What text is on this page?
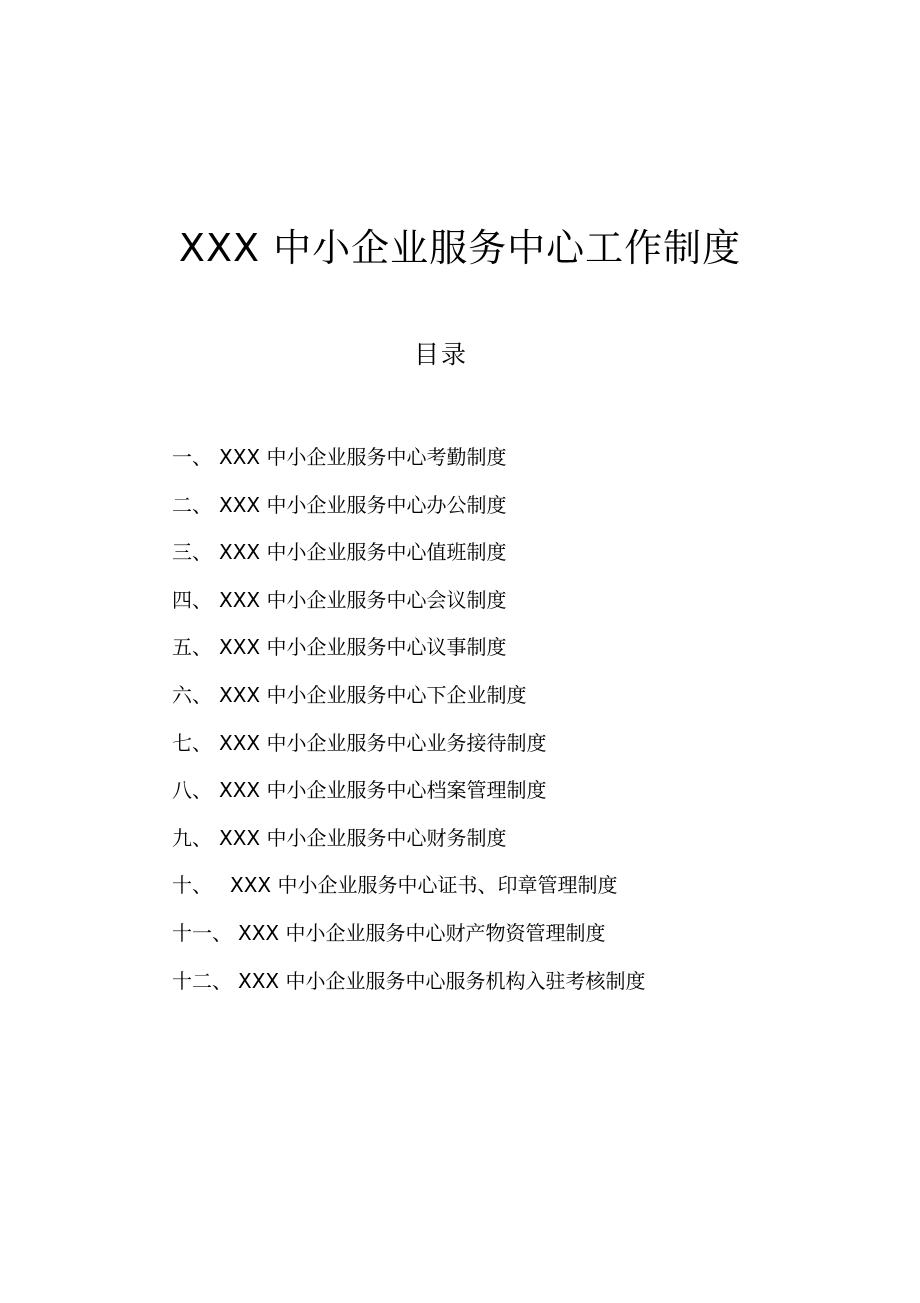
XXX 中小企业服务中心工作制度
目录
一、 XXX 中小企业服务中心考勤制度
二、 XXX 中小企业服务中心办公制度
三、 XXX 中小企业服务中心值班制度
四、 XXX 中小企业服务中心会议制度
五、 XXX 中小企业服务中心议事制度
六、 XXX 中小企业服务中心下企业制度
七、 XXX 中小企业服务中心业务接待制度
八、 XXX 中小企业服务中心档案管理制度
九、 XXX 中小企业服务中心财务制度
十、 XXX 中小企业服务中心证书、印章管理制度
十一、 XXX 中小企业服务中心财产物资管理制度
十二、 XXX 中小企业服务中心服务机构入驻考核制度
